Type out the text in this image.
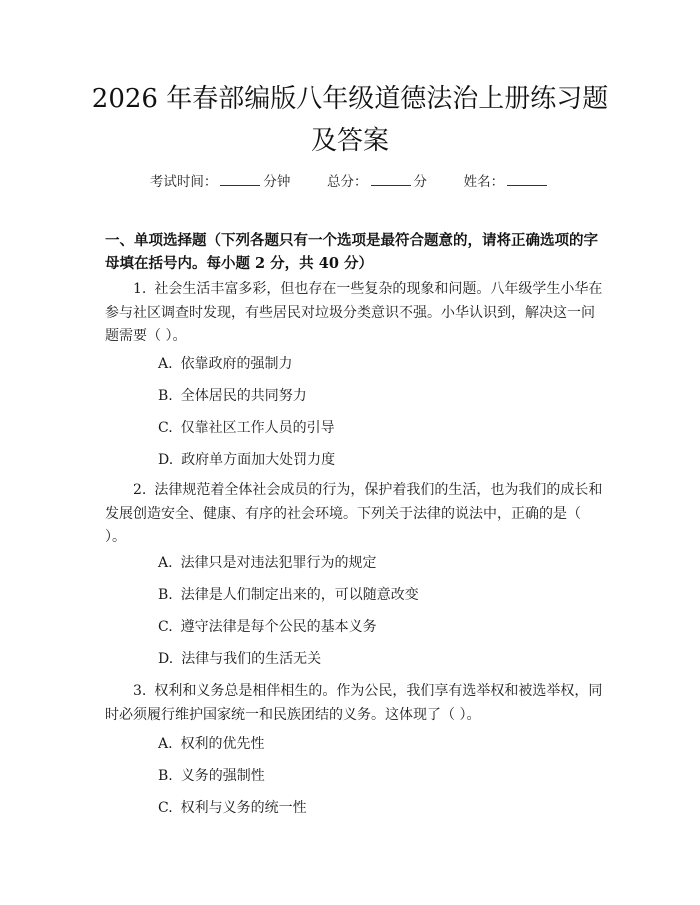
2026 年春部编版八年级道德法治上册练习题及答案
考试时间：	分钟	总分：	分	姓名：
一、单项选择题（下列各题只有一个选项是最符合题意的，请将正确选项的字母填在括号内。每小题 2 分，共 40 分）
1. 社会生活丰富多彩，但也存在一些复杂的现象和问题。八年级学生小华在参与社区调查时发现，有些居民对垃圾分类意识不强。小华认识到，解决这一问题需要（ ）。
A. 依靠政府的强制力
B. 全体居民的共同努力
C. 仅靠社区工作人员的引导
D. 政府单方面加大处罚力度
2. 法律规范着全体社会成员的行为，保护着我们的生活，也为我们的成长和发展创造安全、健康、有序的社会环境。下列关于法律的说法中，正确的是（ ）。
A. 法律只是对违法犯罪行为的规定
B. 法律是人们制定出来的，可以随意改变
C. 遵守法律是每个公民的基本义务
D. 法律与我们的生活无关
3. 权利和义务总是相伴相生的。作为公民，我们享有选举权和被选举权，同时必须履行维护国家统一和民族团结的义务。这体现了（ ）。
A. 权利的优先性
B. 义务的强制性
C. 权利与义务的统一性
